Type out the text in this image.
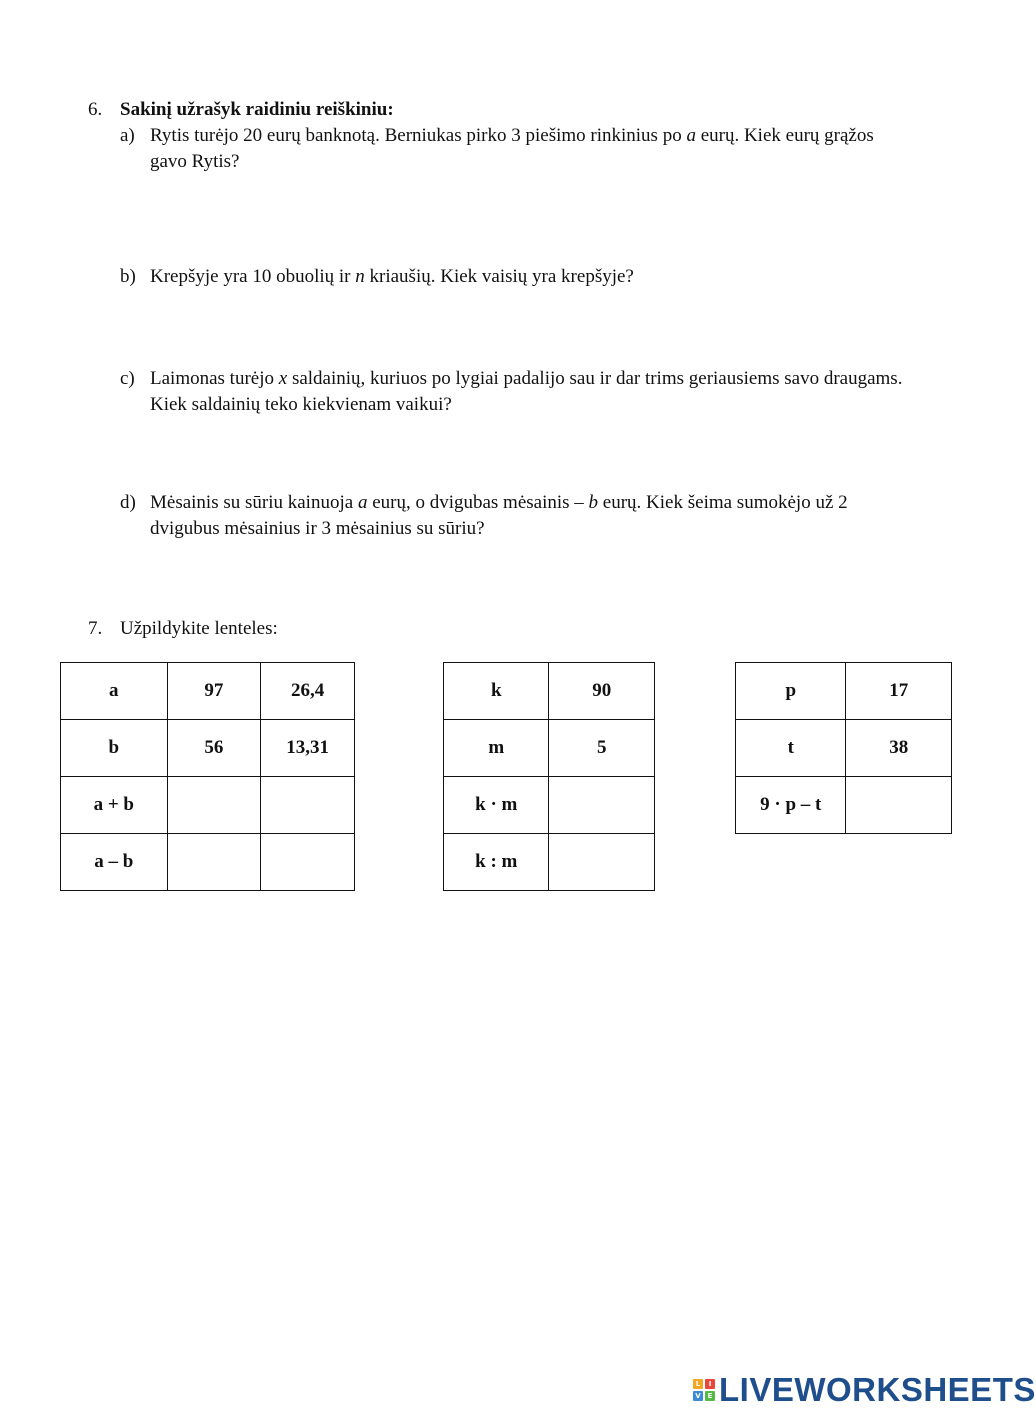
6. Sakinį užrašyk raidiniu reiškiniu:
a) Rytis turėjo 20 eurų banknotą. Berniukas pirko 3 piešimo rinkinius po a eurų. Kiek eurų grąžos
gavo Rytis?
b) Krepšyje yra 10 obuolių ir n kriaušių. Kiek vaisių yra krepšyje?
c) Laimonas turėjo x saldainių, kuriuos po lygiai padalijo sau ir dar trims geriausiems savo draugams.
Kiek saldainių teko kiekvienam vaikui?
d) Mėsainis su sūriu kainuoja a eurų, o dvigubas mėsainis – b eurų. Kiek šeima sumokėjo už 2
dvigubus mėsainius ir 3 mėsainius su sūriu?
7. Užpildykite lenteles:
a	97	26,4
b	56	13,31
a + b		
a – b		
k	90
m	5
k · m	
k : m	
p	17
t	38
9 · p – t	
L	I
V E LIVEWORKSHEETS
